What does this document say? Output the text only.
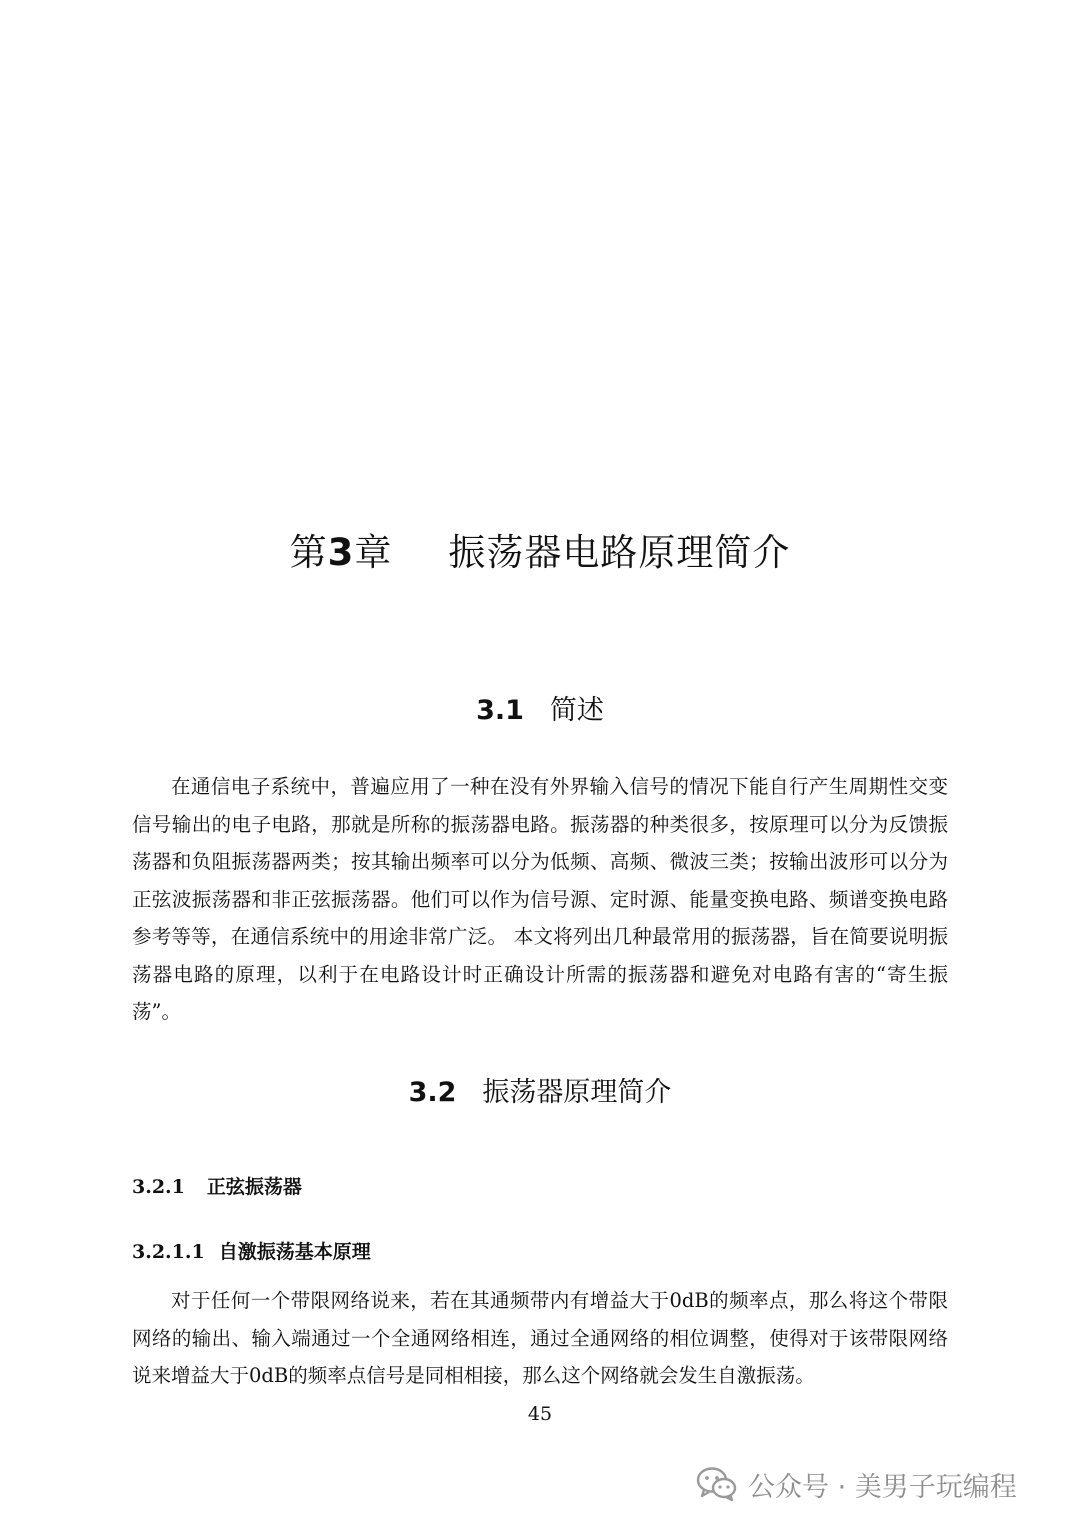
第3章 振荡器电路原理简介
3.1 简述

在通信电子系统中，普遍应用了一种在没有外界输入信号的情况下能自行产生周期性交变信号输出的电子电路，那就是所称的振荡器电路。振荡器的种类很多，按原理可以分为反馈振荡器和负阻振荡器两类；按其输出频率可以分为低频、高频、微波三类；按输出波形可以分为正弦波振荡器和非正弦振荡器。他们可以作为信号源、定时源、能量变换电路、频谱变换电路参考等等，在通信系统中的用途非常广泛。 本文将列出几种最常用的振荡器，旨在简要说明振荡器电路的原理，以利于在电路设计时正确设计所需的振荡器和避免对电路有害的“寄生振荡”。

3.2 振荡器原理简介
3.2.1 正弦振荡器
3.2.1.1 自激振荡基本原理

对于任何一个带限网络说来，若在其通频带内有增益大于0dB的频率点，那么将这个带限网络的输出、输入端通过一个全通网络相连，通过全通网络的相位调整，使得对于该带限网络说来增益大于0dB的频率点信号是同相相接，那么这个网络就会发生自激振荡。

45
公众号 · 美男子玩编程
